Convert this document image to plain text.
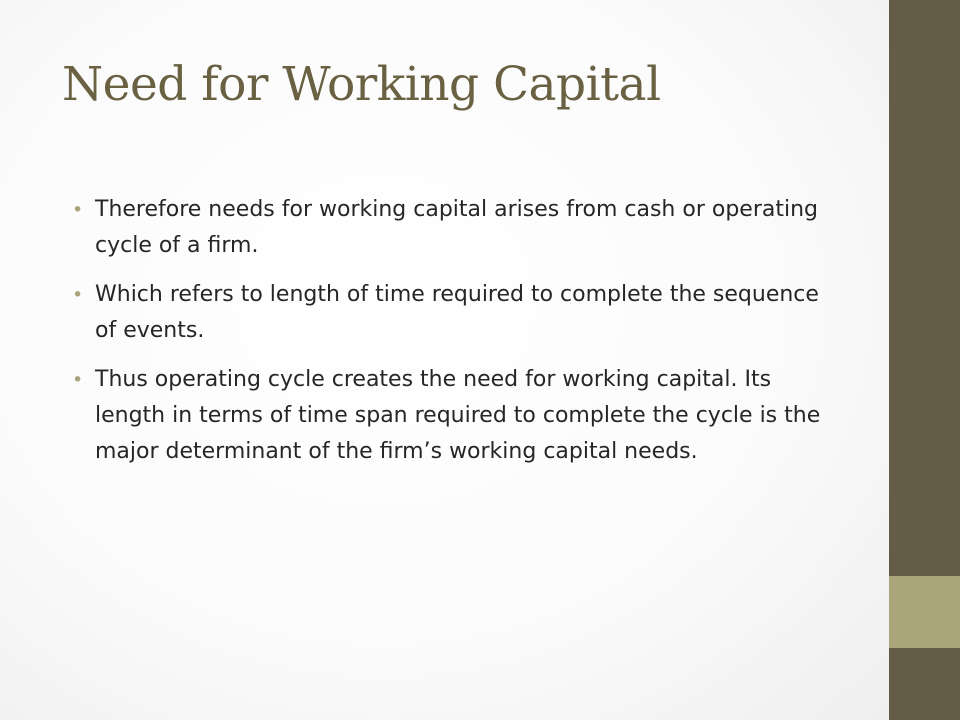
Need for Working Capital
• Therefore needs for working capital arises from cash or operating cycle of a firm.
• Which refers to length of time required to complete the sequence of events.
• Thus operating cycle creates the need for working capital. Its length in terms of time span required to complete the cycle is the major determinant of the firm’s working capital needs.
